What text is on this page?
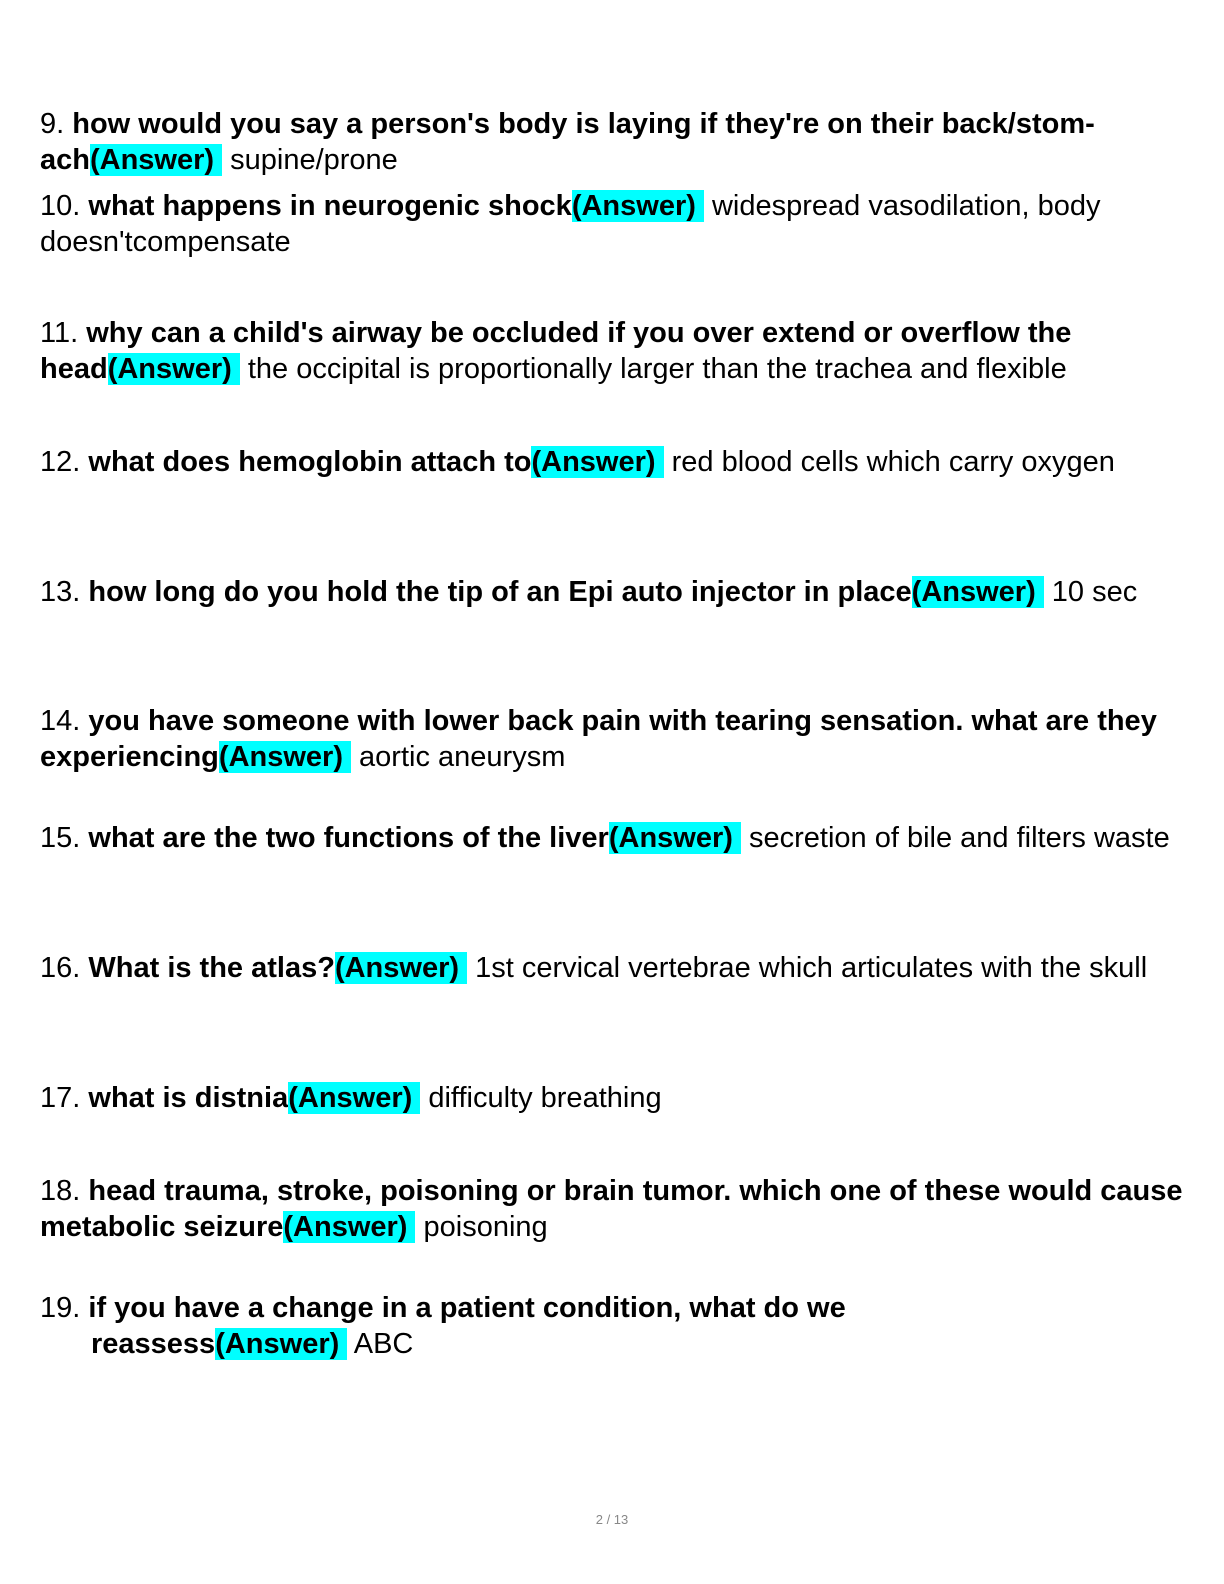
9. how would you say a person's body is laying if they're on their back/stom- ach(Answer) supine/prone

10. what happens in neurogenic shock(Answer) widespread vasodilation, body doesn'tcompensate

11. why can a child's airway be occluded if you over extend or overflow the head(Answer) the occipital is proportionally larger than the trachea and flexible

12. what does hemoglobin attach to(Answer) red blood cells which carry oxygen

13. how long do you hold the tip of an Epi auto injector in place(Answer) 10 sec

14. you have someone with lower back pain with tearing sensation. what are they experiencing(Answer) aortic aneurysm

15. what are the two functions of the liver(Answer) secretion of bile and filters waste

16. What is the atlas?(Answer) 1st cervical vertebrae which articulates with the skull

17. what is distnia(Answer) difficulty breathing

18. head trauma, stroke, poisoning or brain tumor. which one of these would cause metabolic seizure(Answer) poisoning

19. if you have a change in a patient condition, what do we reassess(Answer) ABC

2 / 13
